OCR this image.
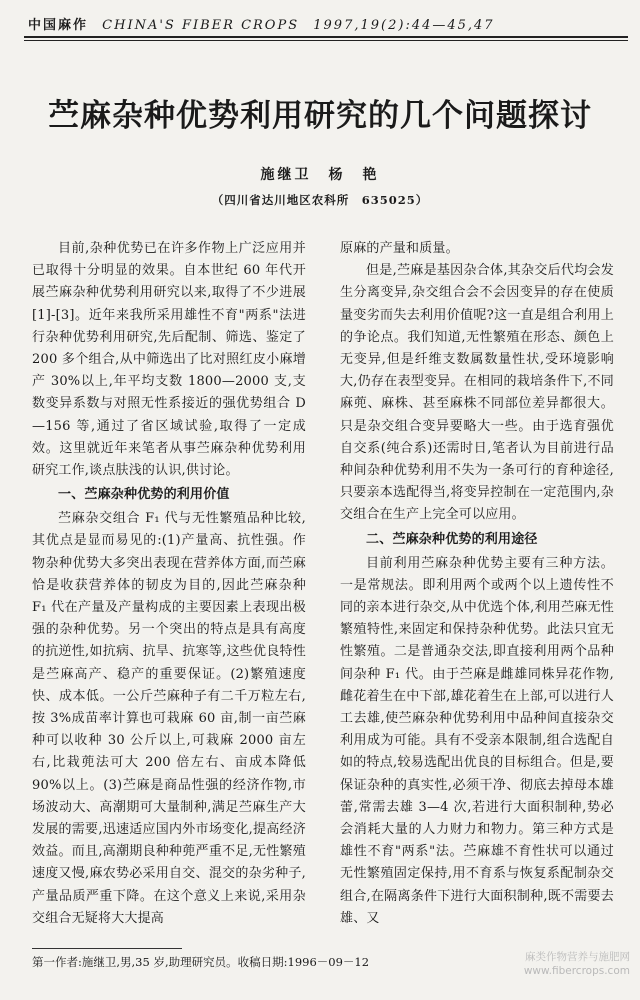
中国麻作 CHINA'S FIBER CROPS 1997,19(2):44—45,47
苎麻杂种优势利用研究的几个问题探讨
施继卫　杨　艳
（四川省达川地区农科所　635025）

目前,杂种优势已在许多作物上广泛应用并已取得十分明显的效果。自本世纪 60 年代开展苎麻杂种优势利用研究以来,取得了不少进展[1]-[3]。近年来我所采用雄性不育"两系"法进行杂种优势利用研究,先后配制、筛选、鉴定了 200 多个组合,从中筛选出了比对照红皮小麻增产 30%以上,年平均支数 1800—2000 支,支数变异系数与对照无性系接近的强优势组合 D—156 等,通过了省区域试验,取得了一定成效。这里就近年来笔者从事苎麻杂种优势利用研究工作,谈点肤浅的认识,供讨论。

一、苎麻杂种优势的利用价值

苎麻杂交组合 F₁ 代与无性繁殖品种比较,其优点是显而易见的:(1)产量高、抗性强。作物杂种优势大多突出表现在营养体方面,而苎麻恰是收获营养体的韧皮为目的,因此苎麻杂种 F₁ 代在产量及产量构成的主要因素上表现出极强的杂种优势。另一个突出的特点是具有高度的抗逆性,如抗病、抗旱、抗寒等,这些优良特性是苎麻高产、稳产的重要保证。(2)繁殖速度快、成本低。一公斤苎麻种子有二千万粒左右,按 3%成苗率计算也可栽麻 60 亩,制一亩苎麻种可以收种 30 公斤以上,可栽麻 2000 亩左右,比栽蔸法可大 200 倍左右、亩成本降低 90%以上。(3)苎麻是商品性强的经济作物,市场波动大、高潮期可大量制种,满足苎麻生产大发展的需要,迅速适应国内外市场变化,提高经济效益。而且,高潮期良种种蔸严重不足,无性繁殖速度又慢,麻农势必采用自交、混交的杂劣种子,产量品质严重下降。在这个意义上来说,采用杂交组合无疑将大大提高

原麻的产量和质量。

但是,苎麻是基因杂合体,其杂交后代均会发生分离变异,杂交组合会不会因变异的存在使质量变劣而失去利用价值呢?这一直是组合利用上的争论点。我们知道,无性繁殖在形态、颜色上无变异,但是纤维支数属数量性状,受环境影响大,仍存在表型变异。在相同的栽培条件下,不同麻蔸、麻株、甚至麻株不同部位差异都很大。只是杂交组合变异要略大一些。由于选育强优自交系(纯合系)还需时日,笔者认为目前进行品种间杂种优势利用不失为一条可行的育种途径,只要亲本选配得当,将变异控制在一定范围内,杂交组合在生产上完全可以应用。

二、苎麻杂种优势的利用途径

目前利用苎麻杂种优势主要有三种方法。一是常规法。即利用两个或两个以上遗传性不同的亲本进行杂交,从中优选个体,利用苎麻无性繁殖特性,来固定和保持杂种优势。此法只宜无性繁殖。二是普通杂交法,即直接利用两个品种间杂种 F₁ 代。由于苎麻是雌雄同株异花作物,雌花着生在中下部,雄花着生在上部,可以进行人工去雄,使苎麻杂种优势利用中品种间直接杂交利用成为可能。具有不受亲本限制,组合选配自如的特点,较易选配出优良的目标组合。但是,要保证杂种的真实性,必须干净、彻底去掉母本雄蕾,常需去雄 3—4 次,若进行大面积制种,势必会消耗大量的人力财力和物力。第三种方式是雄性不育"两系"法。苎麻雄不育性状可以通过无性繁殖固定保持,用不育系与恢复系配制杂交组合,在隔离条件下进行大面积制种,既不需要去雄、又

第一作者:施继卫,男,35 岁,助理研究员。收稿日期:1996－09－12	麻类作物营养与施肥网
www.fibercrops.com
